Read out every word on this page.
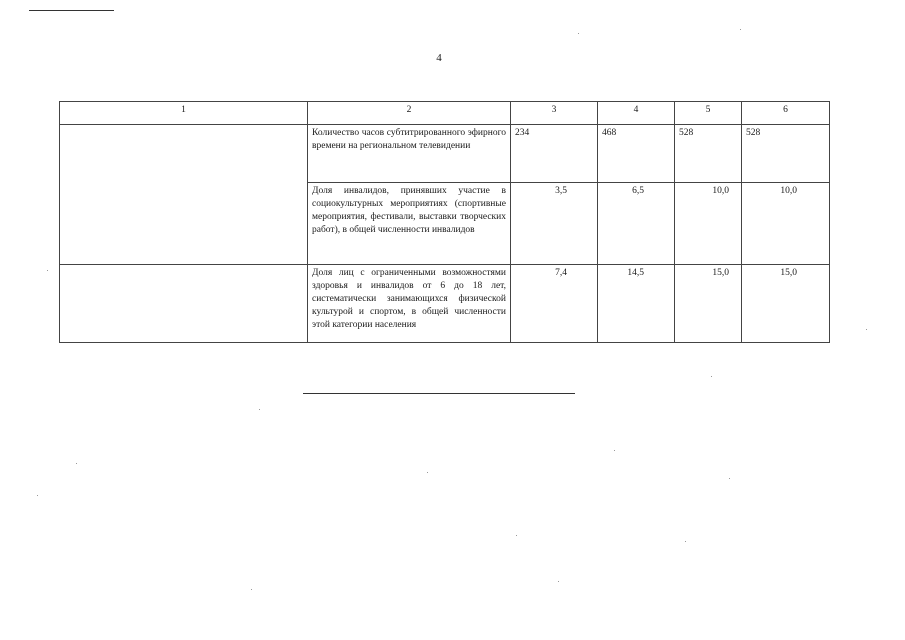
4
1	2	3	4	5	6
	Количество часов субтитрированного эфирного времени на региональном телевидении	234	468	528	528
	Доля инвалидов, принявших участие в социокультурных мероприятиях (спортивные мероприятия, фестивали, выставки творческих работ), в общей численности инвалидов	3,5	6,5	10,0	10,0
	Доля лиц с ограниченными возможностями здоровья и инвалидов от 6 до 18 лет, систематически занимающихся физической культурой и спортом, в общей численности этой категории населения	7,4	14,5	15,0	15,0
